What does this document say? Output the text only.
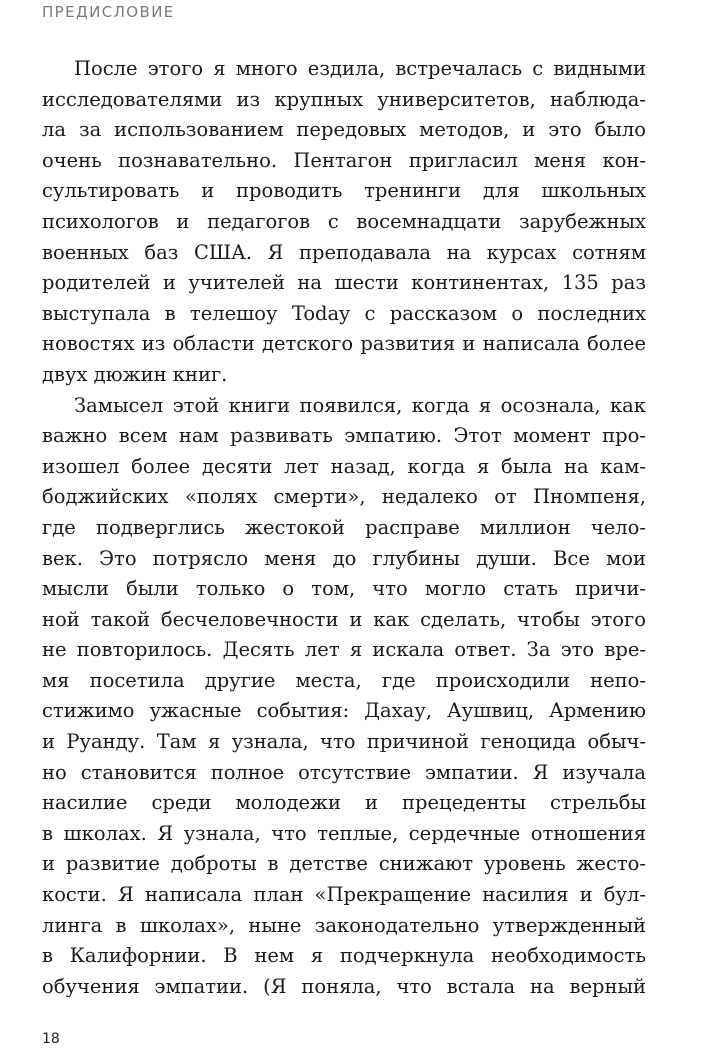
ПРЕДИСЛОВИЕ
После этого я много ездила, встречалась с видными
исследователями из крупных университетов, наблюда-
ла за использованием передовых методов, и это было
очень познавательно. Пентагон пригласил меня кон-
сультировать и проводить тренинги для школьных
психологов и педагогов с восемнадцати зарубежных
военных баз США. Я преподавала на курсах сотням
родителей и учителей на шести континентах, 135 раз
выступала в телешоу Today с рассказом о последних
новостях из области детского развития и написала более
двух дюжин книг.
Замысел этой книги появился, когда я осознала, как
важно всем нам развивать эмпатию. Этот момент про-
изошел более десяти лет назад, когда я была на кам-
боджийских «полях смерти», недалеко от Пномпеня,
где подверглись жестокой расправе миллион чело-
век. Это потрясло меня до глубины души. Все мои
мысли были только о том, что могло стать причи-
ной такой бесчеловечности и как сделать, чтобы этого
не повторилось. Десять лет я искала ответ. За это вре-
мя посетила другие места, где происходили непо-
стижимо ужасные события: Дахау, Аушвиц, Армению
и Руанду. Там я узнала, что причиной геноцида обыч-
но становится полное отсутствие эмпатии. Я изучала
насилие среди молодежи и прецеденты стрельбы
в школах. Я узнала, что теплые, сердечные отношения
и развитие доброты в детстве снижают уровень жесто-
кости. Я написала план «Прекращение насилия и бул-
линга в школах», ныне законодательно утвержденный
в Калифорнии. В нем я подчеркнула необходимость
обучения эмпатии. (Я поняла, что встала на верный
18
